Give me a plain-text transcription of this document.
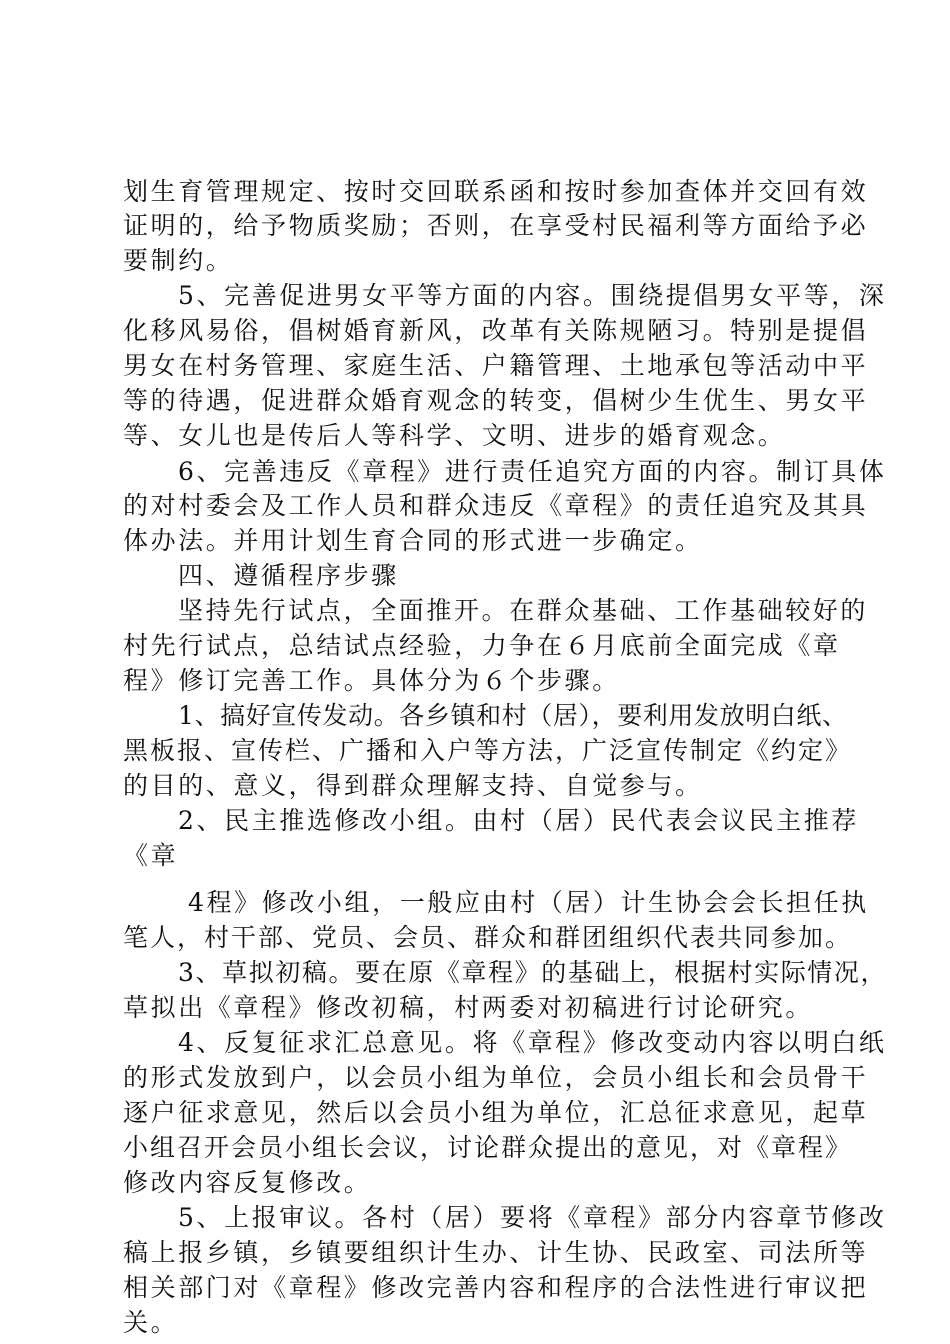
划生育管理规定、按时交回联系函和按时参加查体并交回有效
证明的，给予物质奖励；否则，在享受村民福利等方面给予必
要制约。
5、完善促进男女平等方面的内容。围绕提倡男女平等，深
化移风易俗，倡树婚育新风，改革有关陈规陋习。特别是提倡
男女在村务管理、家庭生活、户籍管理、土地承包等活动中平
等的待遇，促进群众婚育观念的转变，倡树少生优生、男女平
等、女儿也是传后人等科学、文明、进步的婚育观念。
6、完善违反《章程》进行责任追究方面的内容。制订具体
的对村委会及工作人员和群众违反《章程》的责任追究及其具
体办法。并用计划生育合同的形式进一步确定。
四、遵循程序步骤
坚持先行试点，全面推开。在群众基础、工作基础较好的
村先行试点，总结试点经验，力争在６月底前全面完成《章
程》修订完善工作。具体分为６个步骤。
1、搞好宣传发动。各乡镇和村（居），要利用发放明白纸、
黑板报、宣传栏、广播和入户等方法，广泛宣传制定《约定》
的目的、意义，得到群众理解支持、自觉参与。
2、民主推选修改小组。由村（居）民代表会议民主推荐
《章
4程》修改小组，一般应由村（居）计生协会会长担任执
笔人，村干部、党员、会员、群众和群团组织代表共同参加。
3、草拟初稿。要在原《章程》的基础上，根据村实际情况，
草拟出《章程》修改初稿，村两委对初稿进行讨论研究。
4、反复征求汇总意见。将《章程》修改变动内容以明白纸
的形式发放到户，以会员小组为单位，会员小组长和会员骨干
逐户征求意见，然后以会员小组为单位，汇总征求意见，起草
小组召开会员小组长会议，讨论群众提出的意见，对《章程》
修改内容反复修改。
5、上报审议。各村（居）要将《章程》部分内容章节修改
稿上报乡镇，乡镇要组织计生办、计生协、民政室、司法所等
相关部门对《章程》修改完善内容和程序的合法性进行审议把
关。
